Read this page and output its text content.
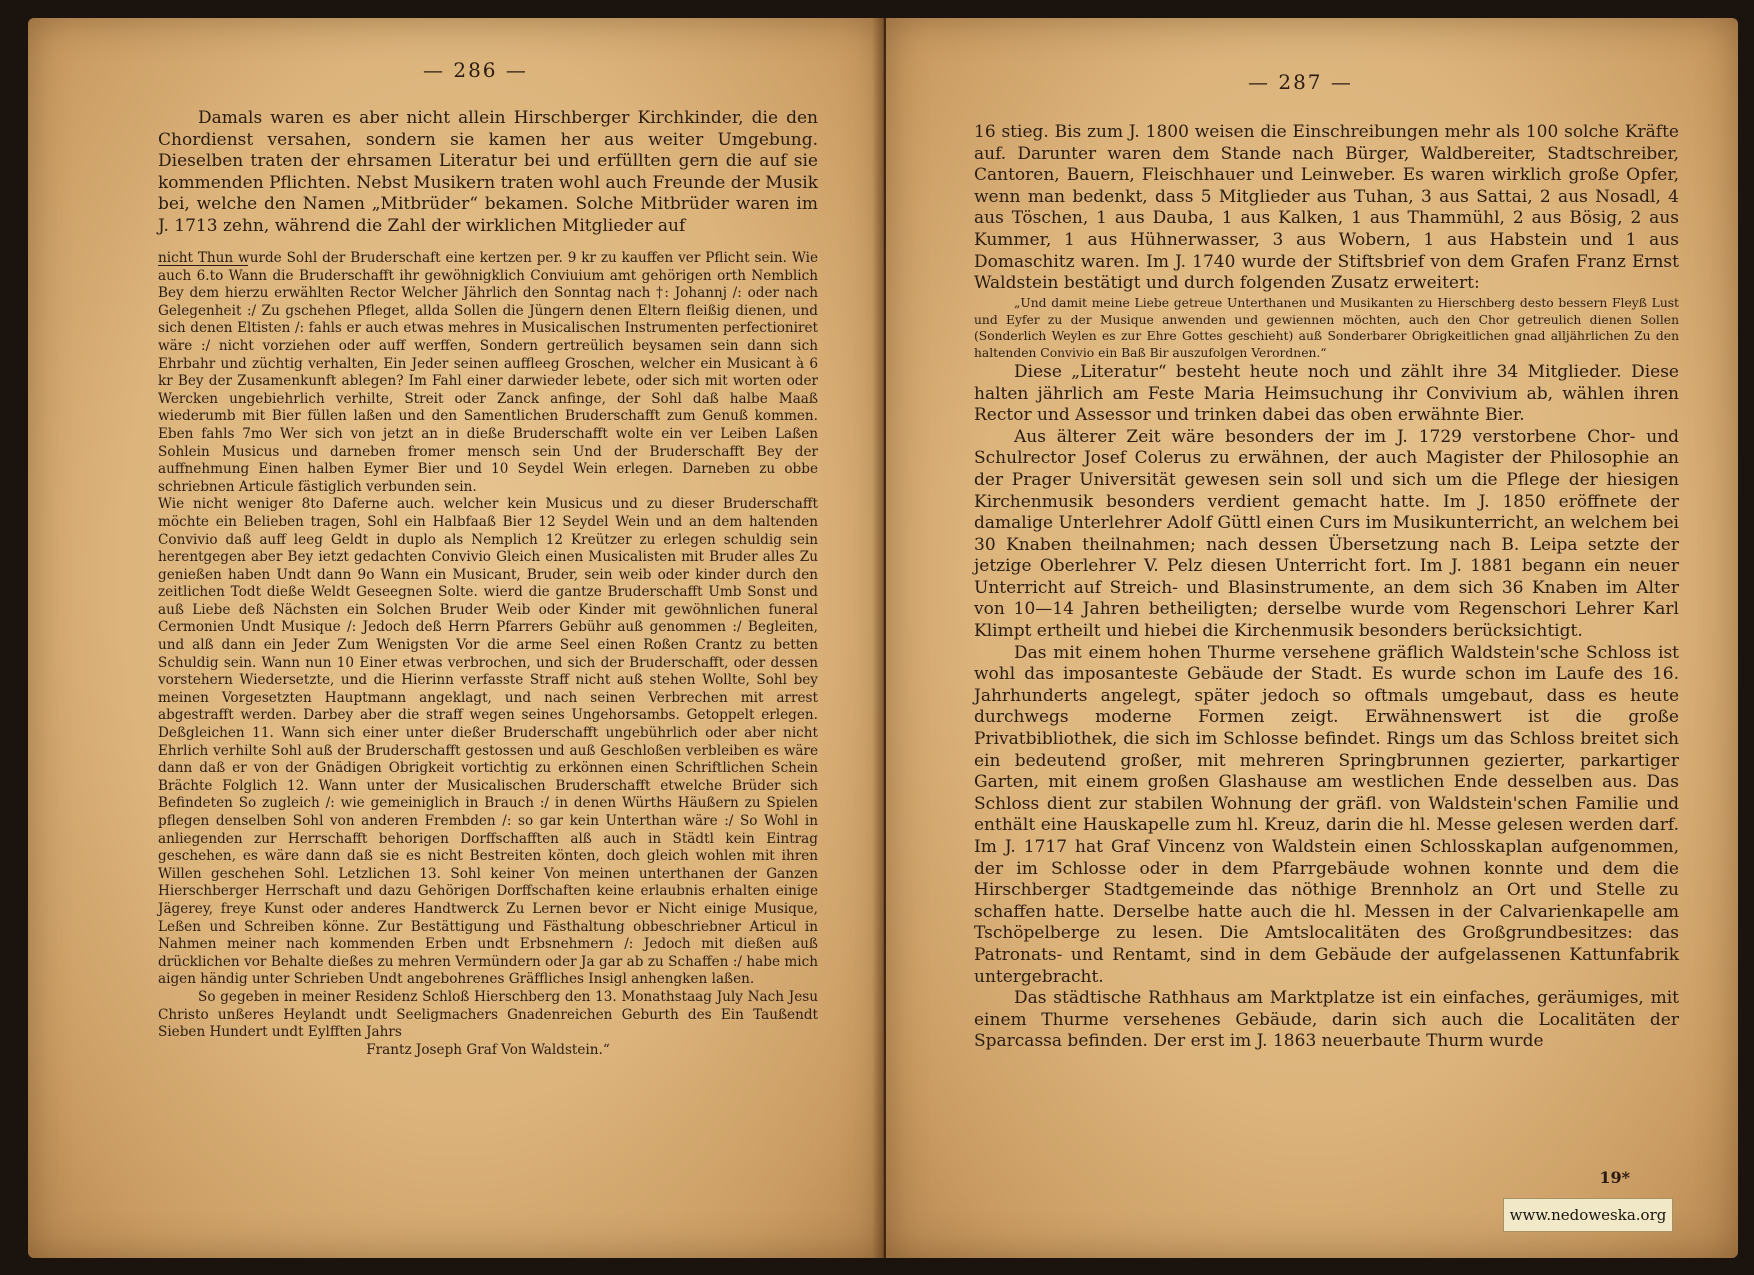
— 286 —

Damals waren es aber nicht allein Hirschberger Kirchkinder, die den Chordienst versahen, sondern sie kamen her aus weiter Umgebung. Dieselben traten der ehrsamen Literatur bei und erfüllten gern die auf sie kommenden Pflichten. Nebst Musikern traten wohl auch Freunde der Musik bei, welche den Namen „Mitbrüder“ bekamen. Solche Mitbrüder waren im J. 1713 zehn, während die Zahl der wirklichen Mitglieder auf

nicht Thun wurde Sohl der Bruderschaft eine kertzen per. 9 kr zu kauffen ver Pflicht sein. Wie auch 6.to Wann die Bruderschafft ihr gewöhnigklich Conviuium amt gehörigen orth Nemblich Bey dem hierzu erwählten Rector Welcher Jährlich den Sonntag nach †: Johannj /: oder nach Gelegenheit :/ Zu gschehen Pfleget, allda Sollen die Jüngern denen Eltern fleißig dienen, und sich denen Eltisten /: fahls er auch etwas mehres in Musicalischen Instrumenten perfectioniret wäre :/ nicht vorziehen oder auff werffen, Sondern gertreülich beysamen sein dann sich Ehrbahr und züchtig verhalten, Ein Jeder seinen auffleeg Groschen, welcher ein Musicant à 6 kr Bey der Zusamenkunft ablegen? Im Fahl einer darwieder lebete, oder sich mit worten oder Wercken ungebiehrlich verhilte, Streit oder Zanck anfinge, der Sohl daß halbe Maaß wiederumb mit Bier füllen laßen und den Samentlichen Bruderschafft zum Genuß kommen. Eben fahls 7mo Wer sich von jetzt an in dieße Bruderschafft wolte ein ver Leiben Laßen Sohlein Musicus und darneben fromer mensch sein Und der Bruderschafft Bey der auffnehmung Einen halben Eymer Bier und 10 Seydel Wein erlegen. Darneben zu obbe schriebnen Articule fästiglich verbunden sein.

Wie nicht weniger 8to Daferne auch. welcher kein Musicus und zu dieser Bruderschafft möchte ein Belieben tragen, Sohl ein Halbfaaß Bier 12 Seydel Wein und an dem haltenden Convivio daß auff leeg Geldt in duplo als Nemplich 12 Kreützer zu erlegen schuldig sein herentgegen aber Bey ietzt gedachten Convivio Gleich einen Musicalisten mit Bruder alles Zu genießen haben Undt dann 9o Wann ein Musicant, Bruder, sein weib oder kinder durch den zeitlichen Todt dieße Weldt Geseegnen Solte. wierd die gantze Bruderschafft Umb Sonst und auß Liebe deß Nächsten ein Solchen Bruder Weib oder Kinder mit gewöhnlichen funeral Cermonien Undt Musique /: Jedoch deß Herrn Pfarrers Gebühr auß genommen :/ Begleiten, und alß dann ein Jeder Zum Wenigsten Vor die arme Seel einen Roßen Crantz zu betten Schuldig sein. Wann nun 10 Einer etwas verbrochen, und sich der Bruderschafft, oder dessen vorstehern Wiedersetzte, und die Hierinn verfasste Straff nicht auß stehen Wollte, Sohl bey meinen Vorgesetzten Hauptmann angeklagt, und nach seinen Verbrechen mit arrest abgestrafft werden. Darbey aber die straff wegen seines Ungehorsambs. Getoppelt erlegen. Deßgleichen 11. Wann sich einer unter dießer Bruderschafft ungebührlich oder aber nicht Ehrlich verhilte Sohl auß der Bruderschafft gestossen und auß Geschloßen verbleiben es wäre dann daß er von der Gnädigen Obrigkeit vortichtig zu erkönnen einen Schriftlichen Schein Brächte Folglich 12. Wann unter der Musicalischen Bruderschafft etwelche Brüder sich Befindeten So zugleich /: wie gemeiniglich in Brauch :/ in denen Würths Häußern zu Spielen pflegen denselben Sohl von anderen Frembden /: so gar kein Unterthan wäre :/ So Wohl in anliegenden zur Herrschafft behorigen Dorffschafften alß auch in Städtl kein Eintrag geschehen, es wäre dann daß sie es nicht Bestreiten könten, doch gleich wohlen mit ihren Willen geschehen Sohl. Letzlichen 13. Sohl keiner Von meinen unterthanen der Ganzen Hierschberger Herrschaft und dazu Gehörigen Dorffschaften keine erlaubnis erhalten einige Jägerey, freye Kunst oder anderes Handtwerck Zu Lernen bevor er Nicht einige Musique, Leßen und Schreiben könne. Zur Bestättigung und Fästhaltung obbeschriebner Articul in Nahmen meiner nach kommenden Erben undt Erbsnehmern /: Jedoch mit dießen auß drücklichen vor Behalte dießes zu mehren Vermündern oder Ja gar ab zu Schaffen :/ habe mich aigen händig unter Schrieben Undt angebohrenes Gräffliches Insigl anhengken laßen.

So gegeben in meiner Residenz Schloß Hierschberg den 13. Monathstaag July Nach Jesu Christo unßeres Heylandt undt Seeligmachers Gnadenreichen Geburth des Ein Taußendt Sieben Hundert undt Eylfften Jahrs

Frantz Joseph Graf Von Waldstein.“

— 287 —

16 stieg. Bis zum J. 1800 weisen die Einschreibungen mehr als 100 solche Kräfte auf. Darunter waren dem Stande nach Bürger, Waldbereiter, Stadtschreiber, Cantoren, Bauern, Fleischhauer und Leinweber. Es waren wirklich große Opfer, wenn man bedenkt, dass 5 Mitglieder aus Tuhan, 3 aus Sattai, 2 aus Nosadl, 4 aus Töschen, 1 aus Dauba, 1 aus Kalken, 1 aus Thammühl, 2 aus Bösig, 2 aus Kummer, 1 aus Hühnerwasser, 3 aus Wobern, 1 aus Habstein und 1 aus Domaschitz waren. Im J. 1740 wurde der Stiftsbrief von dem Grafen Franz Ernst Waldstein bestätigt und durch folgenden Zusatz erweitert:

„Und damit meine Liebe getreue Unterthanen und Musikanten zu Hierschberg desto bessern Fleyß Lust und Eyfer zu der Musique anwenden und gewiennen möchten, auch den Chor getreulich dienen Sollen (Sonderlich Weylen es zur Ehre Gottes geschieht) auß Sonderbarer Obrigkeitlichen gnad alljährlichen Zu den haltenden Convivio ein Baß Bir auszufolgen Verordnen.“

Diese „Literatur“ besteht heute noch und zählt ihre 34 Mitglieder. Diese halten jährlich am Feste Maria Heimsuchung ihr Convivium ab, wählen ihren Rector und Assessor und trinken dabei das oben erwähnte Bier.

Aus älterer Zeit wäre besonders der im J. 1729 verstorbene Chor- und Schulrector Josef Colerus zu erwähnen, der auch Magister der Philosophie an der Prager Universität gewesen sein soll und sich um die Pflege der hiesigen Kirchenmusik besonders verdient gemacht hatte. Im J. 1850 eröffnete der damalige Unterlehrer Adolf Güttl einen Curs im Musikunterricht, an welchem bei 30 Knaben theilnahmen; nach dessen Übersetzung nach B. Leipa setzte der jetzige Oberlehrer V. Pelz diesen Unterricht fort. Im J. 1881 begann ein neuer Unterricht auf Streich- und Blasinstrumente, an dem sich 36 Knaben im Alter von 10—14 Jahren betheiligten; derselbe wurde vom Regenschori Lehrer Karl Klimpt ertheilt und hiebei die Kirchenmusik besonders berücksichtigt.

Das mit einem hohen Thurme versehene gräflich Waldstein'sche Schloss ist wohl das imposanteste Gebäude der Stadt. Es wurde schon im Laufe des 16. Jahrhunderts angelegt, später jedoch so oftmals umgebaut, dass es heute durchwegs moderne Formen zeigt. Erwähnenswert ist die große Privatbibliothek, die sich im Schlosse befindet. Rings um das Schloss breitet sich ein bedeutend großer, mit mehreren Springbrunnen gezierter, parkartiger Garten, mit einem großen Glashause am westlichen Ende desselben aus. Das Schloss dient zur stabilen Wohnung der gräfl. von Waldstein'schen Familie und enthält eine Hauskapelle zum hl. Kreuz, darin die hl. Messe gelesen werden darf. Im J. 1717 hat Graf Vincenz von Waldstein einen Schlosskaplan aufgenommen, der im Schlosse oder in dem Pfarrgebäude wohnen konnte und dem die Hirschberger Stadtgemeinde das nöthige Brennholz an Ort und Stelle zu schaffen hatte. Derselbe hatte auch die hl. Messen in der Calvarienkapelle am Tschöpelberge zu lesen. Die Amtslocalitäten des Großgrundbesitzes: das Patronats- und Rentamt, sind in dem Gebäude der aufgelassenen Kattunfabrik untergebracht.

Das städtische Rathhaus am Marktplatze ist ein einfaches, geräumiges, mit einem Thurme versehenes Gebäude, darin sich auch die Localitäten der Sparcassa befinden. Der erst im J. 1863 neuerbaute Thurm wurde

19*
www.nedoweska.org
